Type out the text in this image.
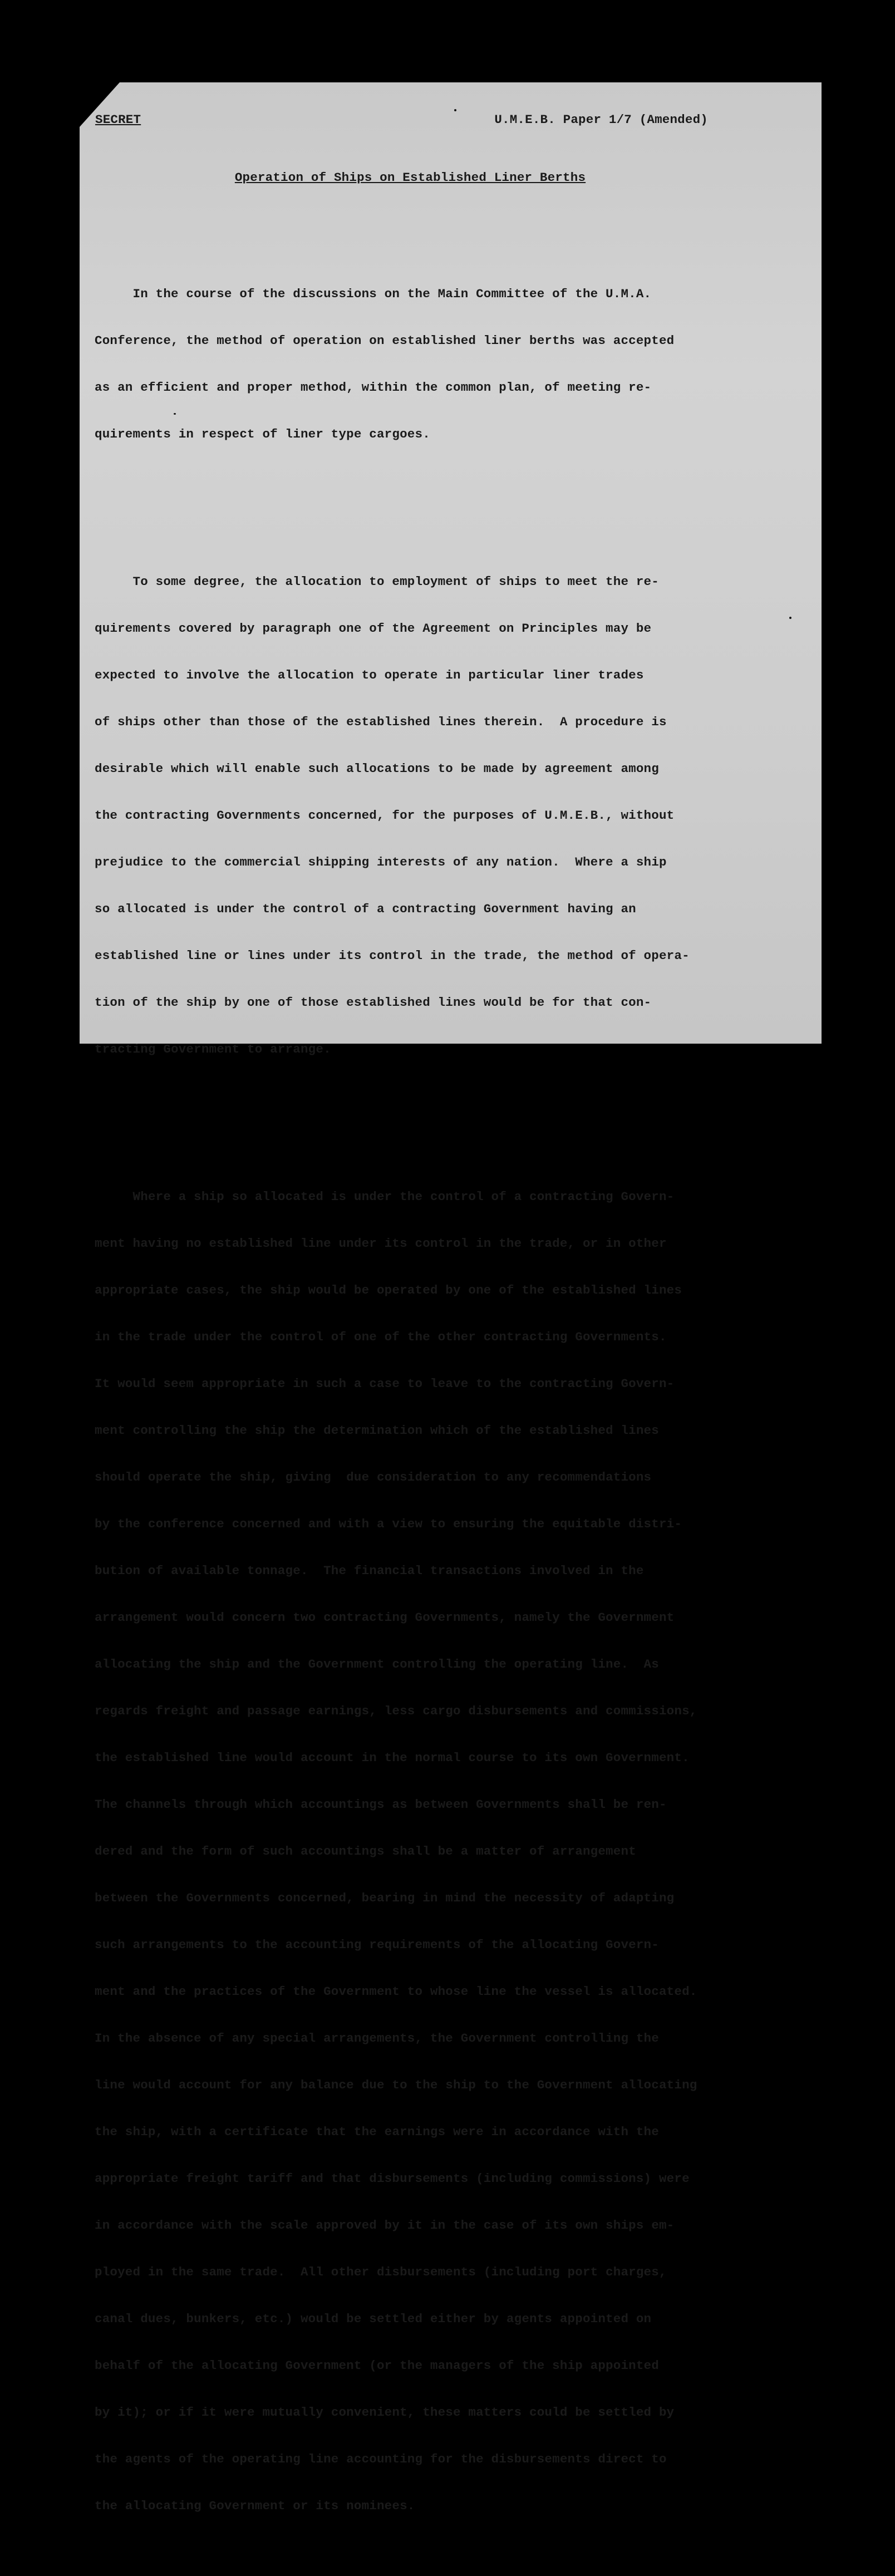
SECRET

	U.M.E.B. Paper 1/7 (Amended)

Operation of Ships on Established Liner Berths

In the course of the discussions on the Main Committee of the U.M.A.

Conference, the method of operation on established liner berths was accepted

as an efficient and proper method, within the common plan, of meeting re-

quirements in respect of liner type cargoes.

To some degree, the allocation to employment of ships to meet the re-

quirements covered by paragraph one of the Agreement on Principles may be

expected to involve the allocation to operate in particular liner trades

of ships other than those of the established lines therein.  A procedure is

desirable which will enable such allocations to be made by agreement among

the contracting Governments concerned, for the purposes of U.M.E.B., without

prejudice to the commercial shipping interests of any nation.  Where a ship

so allocated is under the control of a contracting Government having an

established line or lines under its control in the trade, the method of opera-

tion of the ship by one of those established lines would be for that con-

tracting Government to arrange.

Where a ship so allocated is under the control of a contracting Govern-

ment having no established line under its control in the trade, or in other

appropriate cases, the ship would be operated by one of the established lines

in the trade under the control of one of the other contracting Governments.

It would seem appropriate in such a case to leave to the contracting Govern-

ment controlling the ship the determination which of the established lines

should operate the ship, giving  due consideration to any recommendations

by the conference concerned and with a view to ensuring the equitable distri-

bution of available tonnage.  The financial transactions involved in the

arrangement would concern two contracting Governments, namely the Government

allocating the ship and the Government controlling the operating line.  As

regards freight and passage earnings, less cargo disbursements and commissions,

the established line would account in the normal course to its own Government.

The channels through which accountings as between Governments shall be ren-

dered and the form of such accountings shall be a matter of arrangement

between the Governments concerned, bearing in mind the necessity of adapting

such arrangements to the accounting requirements of the allocating Govern-

ment and the practices of the Government to whose line the vessel is allocated.

In the absence of any special arrangements, the Government controlling the

line would account for any balance due to the ship to the Government allocating

the ship, with a certificate that the earnings were in accordance with the

appropriate freight tariff and that disbursements (including commissions) were

in accordance with the scale approved by it in the case of its own ships em-

ployed in the same trade.  All other disbursements (including port charges,

canal dues, bunkers, etc.) would be settled either by agents appointed on

behalf of the allocating Government (or the managers of the ship appointed

by it); or if it were mutually convenient, these matters could be settled by

the agents of the operating line accounting for the disbursements direct to

the allocating Government or its nominees.
